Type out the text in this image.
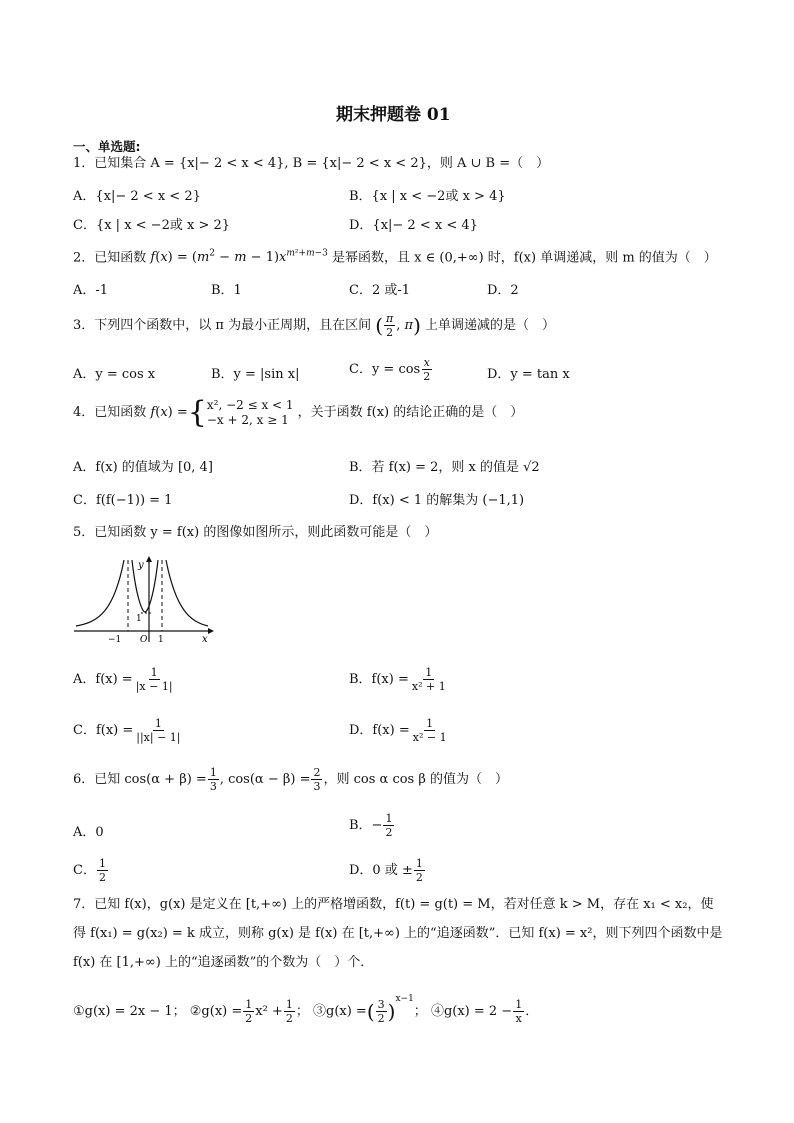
期末押题卷 01
一、单选题:
1．已知集合 A = {x|− 2 < x < 4}, B = {x|− 2 < x < 2}，则 A ∪ B =（　）
A．{x|− 2 < x < 2}	B．{x | x < −2或 x > 4}
C．{x | x < −2或 x > 2}	D．{x|− 2 < x < 4}
2．已知函数 $f(x) = (m^2 - m - 1)x^{m^2+m-3}$ 是幂函数，且 x ∈ (0,+∞) 时，f(x) 单调递减，则 m 的值为（　）
A．-1	B．1	C．2 或-1	D．2
3．下列四个函数中，以 π 为最小正周期，且在区间 ( $\frac{\pi}{2}$ , π) 上单调递减的是（　）
A．y = cos x	B．y = |sin x|	C．$y = \cos \frac{x}{2}$	D．y = tan x
4．已知函数 f(x) ={ x², −2 ≤ x < 1
−x + 2, x ≥ 1 ，关于函数 f(x) 的结论正确的是（　）
A．f(x) 的值域为 [0, 4]	B．若 f(x) = 2，则 x 的值是 √2
C．f(f(−1)) = 1	D．f(x) < 1 的解集为 (−1,1)
5．已知函数 y = f(x) 的图像如图所示，则此函数可能是（　）
y
x
O
−1	1
1
A．$f(x) = \frac{1}{|x - 1|}$	B．$f(x) = \frac{1}{\text{x² + 1}}$
C．$f(x) = \frac{1}{||x| - 1|}$	D．$f(x) = \frac{1}{\text{x² − 1}}$
6．已知 $\cos(\alpha + \beta) = \frac{1}{3}$ , $\cos(\alpha - \beta) = \frac{2}{3}$ ，则 cos α cos β 的值为（　）
A．0	B．− $\frac{1}{2}$
C． $\frac{1}{2}$	D．0 或 ± $\frac{1}{2}$
7．已知 f(x)，g(x) 是定义在 [t,+∞) 上的严格增函数，f(t) = g(t) = M，若对任意 k > M，存在 x₁ < x₂，使
得 f(x₁) = g(x₂) = k 成立，则称 g(x) 是 f(x) 在 [t,+∞) 上的“追逐函数”．已知 f(x) = x²，则下列四个函数中是
f(x) 在 [1,+∞) 上的“追逐函数”的个数为（　）个．
①g(x) = 2x − 1； ②g(x) = $\frac{1}{2} x^2 + \frac{1}{2}$ ； ③g(x) =( $\frac{3}{2} )^{x-1}$； ④g(x) = $2 - \frac{1}{x}$ ．
